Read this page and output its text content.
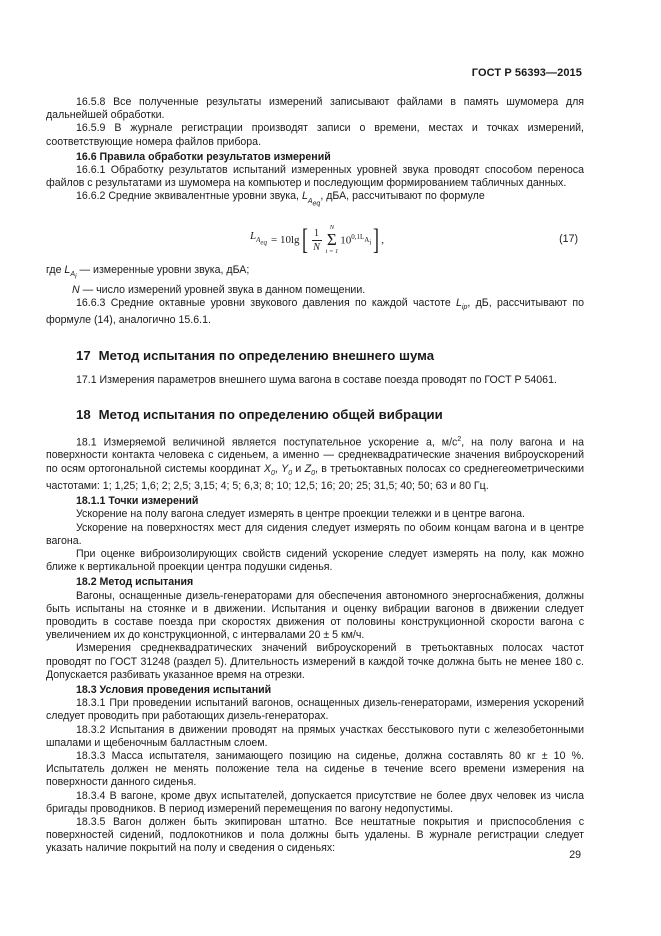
ГОСТ Р 56393—2015

16.5.8 Все полученные результаты измерений записывают файлами в память шумомера для дальнейшей обработки.

16.5.9 В журнале регистрации производят записи о времени, местах и точках измерений, соответствующие номера файлов прибора.

16.6 Правила обработки результатов измерений

16.6.1 Обработку результатов испытаний измеренных уровней звука проводят способом переноса файлов с результатами из шумомера на компьютер и последующим формированием табличных данных.

16.6.2 Средние эквивалентные уровни звука, $L_{A_{eq}}$, дБА, рассчитывают по формуле

$L_{A_{eq}} = 10\lg$ [ $\frac{1}{N}$ N
Σ
i = 1
$10^{0,1L_{A_i}}$ ] ,	(17)

где $L_{A_i}$ — измеренные уровни звука, дБА;

N — число измерений уровней звука в данном помещении.

16.6.3 Средние октавные уровни звукового давления по каждой частоте $L_{ip}$, дБ, рассчитывают по формуле (14), аналогично 15.6.1.

17 Метод испытания по определению внешнего шума

17.1 Измерения параметров внешнего шума вагона в составе поезда проводят по ГОСТ Р 54061.

18 Метод испытания по определению общей вибрации

18.1 Измеряемой величиной является поступательное ускорение a, $м/с^2$, на полу вагона и на поверхности контакта человека с сиденьем, а именно — среднеквадратические значения виброускорений по осям ортогональной системы координат $X_0$, $Y_0$ и $Z_0$, в третьоктавных полосах со среднегеометрическими частотами: 1; 1,25; 1,6; 2; 2,5; 3,15; 4; 5; 6,3; 8; 10; 12,5; 16; 20; 25; 31,5; 40; 50; 63 и 80 Гц.

18.1.1 Точки измерений

Ускорение на полу вагона следует измерять в центре проекции тележки и в центре вагона.

Ускорение на поверхностях мест для сидения следует измерять по обоим концам вагона и в центре вагона.

При оценке виброизолирующих свойств сидений ускорение следует измерять на полу, как можно ближе к вертикальной проекции центра подушки сиденья.

18.2 Метод испытания

Вагоны, оснащенные дизель-генераторами для обеспечения автономного энергоснабжения, должны быть испытаны на стоянке и в движении. Испытания и оценку вибрации вагонов в движении следует проводить в составе поезда при скоростях движения от половины конструкционной скорости вагона с увеличением их до конструкционной, с интервалами 20 ± 5 км/ч.

Измерения среднеквадратических значений виброускорений в третьоктавных полосах частот проводят по ГОСТ 31248 (раздел 5). Длительность измерений в каждой точке должна быть не менее 180 с. Допускается разбивать указанное время на отрезки.

18.3 Условия проведения испытаний

18.3.1 При проведении испытаний вагонов, оснащенных дизель-генераторами, измерения ускорений следует проводить при работающих дизель-генераторах.

18.3.2 Испытания в движении проводят на прямых участках бесстыкового пути с железобетонными шпалами и щебеночным балластным слоем.

18.3.3 Масса испытателя, занимающего позицию на сиденье, должна составлять 80 кг ± 10 %. Испытатель должен не менять положение тела на сиденье в течение всего времени измерения на поверхности данного сиденья.

18.3.4 В вагоне, кроме двух испытателей, допускается присутствие не более двух человек из числа бригады проводников. В период измерений перемещения по вагону недопустимы.

18.3.5 Вагон должен быть экипирован штатно. Все нештатные покрытия и приспособления с поверхностей сидений, подлокотников и пола должны быть удалены. В журнале регистрации следует указать наличие покрытий на полу и сведения о сиденьях:

29
